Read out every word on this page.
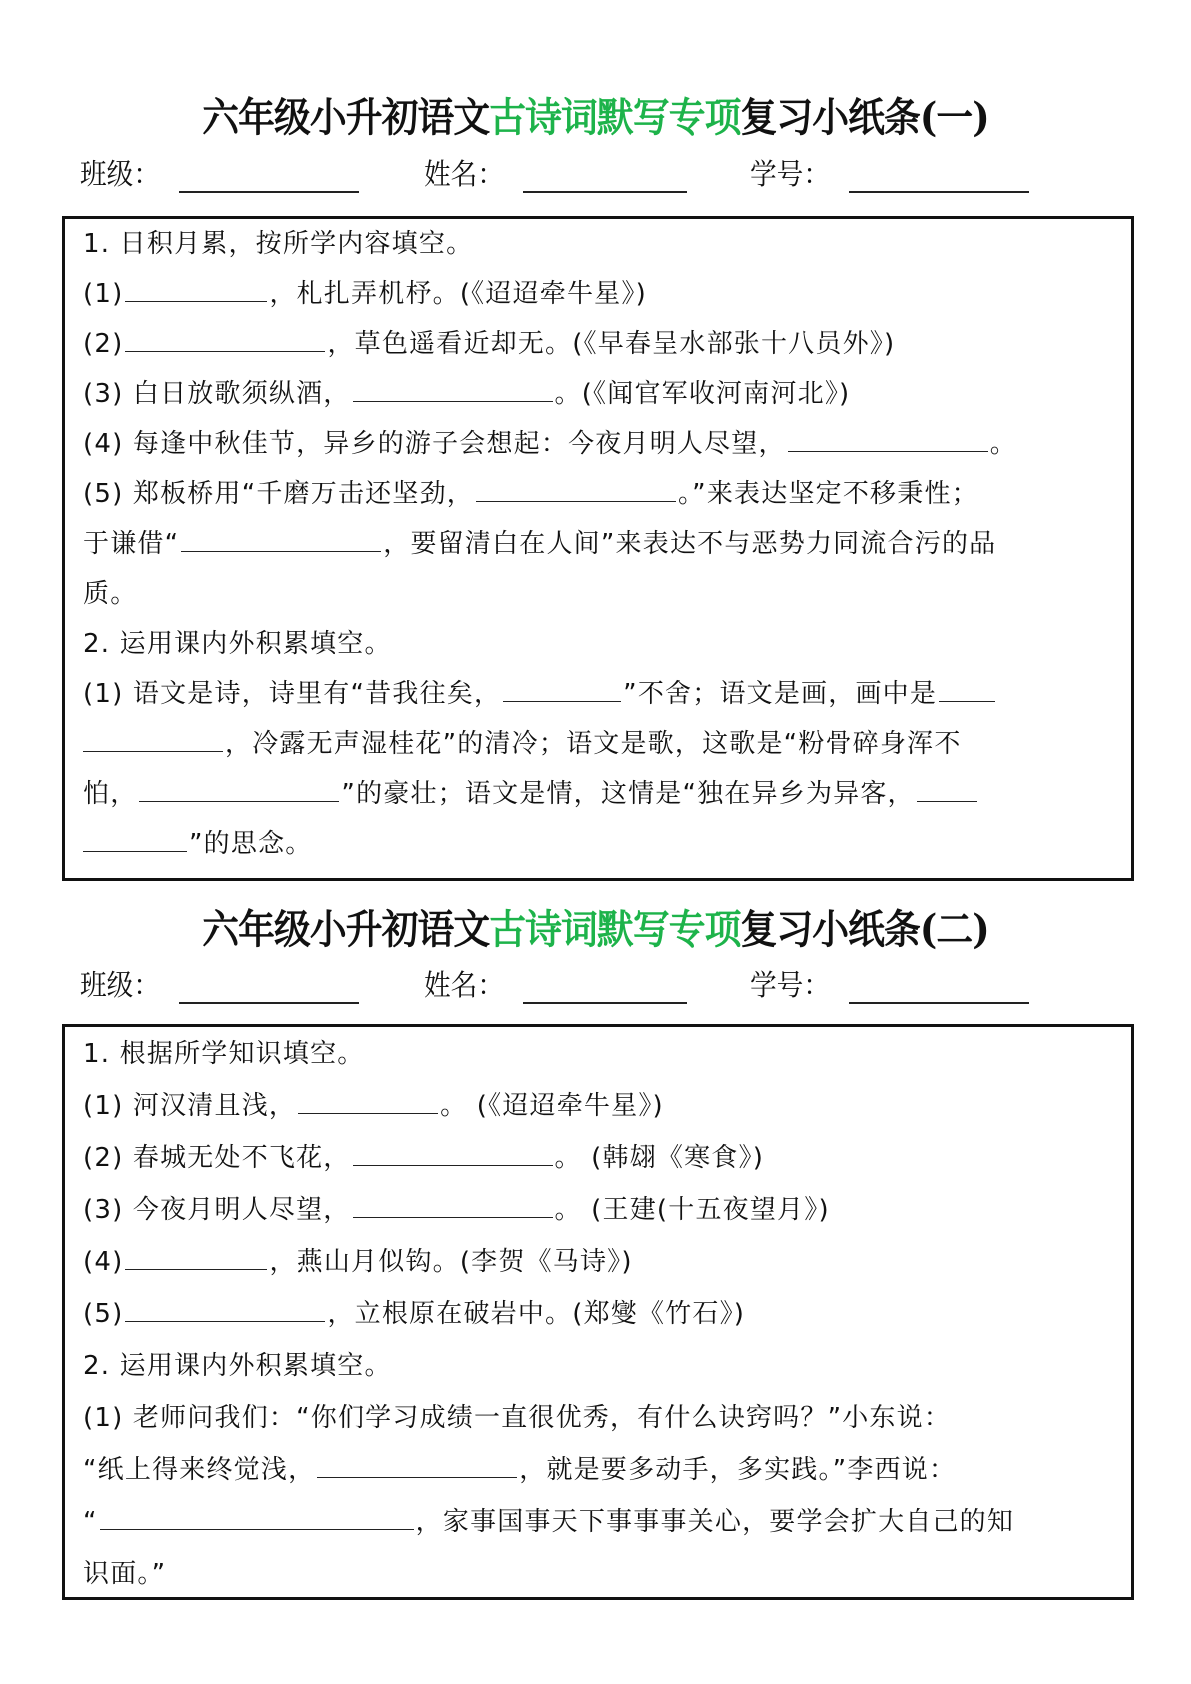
六年级小升初语文古诗词默写专项复习小纸条(一)
班级：	姓名：	学号：
1. 日积月累，按所学内容填空。
(1)	，札扎弄机杼。(《迢迢牵牛星》)
(2)	，草色遥看近却无。(《早春呈水部张十八员外》)
(3) 白日放歌须纵酒，	。(《闻官军收河南河北》)
(4) 每逢中秋佳节，异乡的游子会想起：今夜月明人尽望，	。
(5) 郑板桥用“千磨万击还坚劲，	。”来表达坚定不移秉性；
于谦借“	，要留清白在人间”来表达不与恶势力同流合污的品
质。
2. 运用课内外积累填空。
(1) 语文是诗，诗里有“昔我往矣，	”不舍；语文是画，画中是
，冷露无声湿桂花”的清冷；语文是歌，这歌是“粉骨碎身浑不
怕，	”的豪壮；语文是情，这情是“独在异乡为异客，
”的思念。
六年级小升初语文古诗词默写专项复习小纸条(二)
班级：	姓名：	学号：
1. 根据所学知识填空。
(1) 河汉清且浅，	。 (《迢迢牵牛星》)
(2) 春城无处不飞花，	。 (韩翃《寒食》)
(3) 今夜月明人尽望，	。 (王建(十五夜望月》)
(4)	，燕山月似钩。(李贺《马诗》)
(5)	，立根原在破岩中。(郑燮《竹石》)
2. 运用课内外积累填空。
(1) 老师问我们：“你们学习成绩一直很优秀，有什么诀窍吗？”小东说：
“纸上得来终觉浅，	，就是要多动手，多实践。”李西说：
“	，家事国事天下事事事关心，要学会扩大自己的知
识面。”
